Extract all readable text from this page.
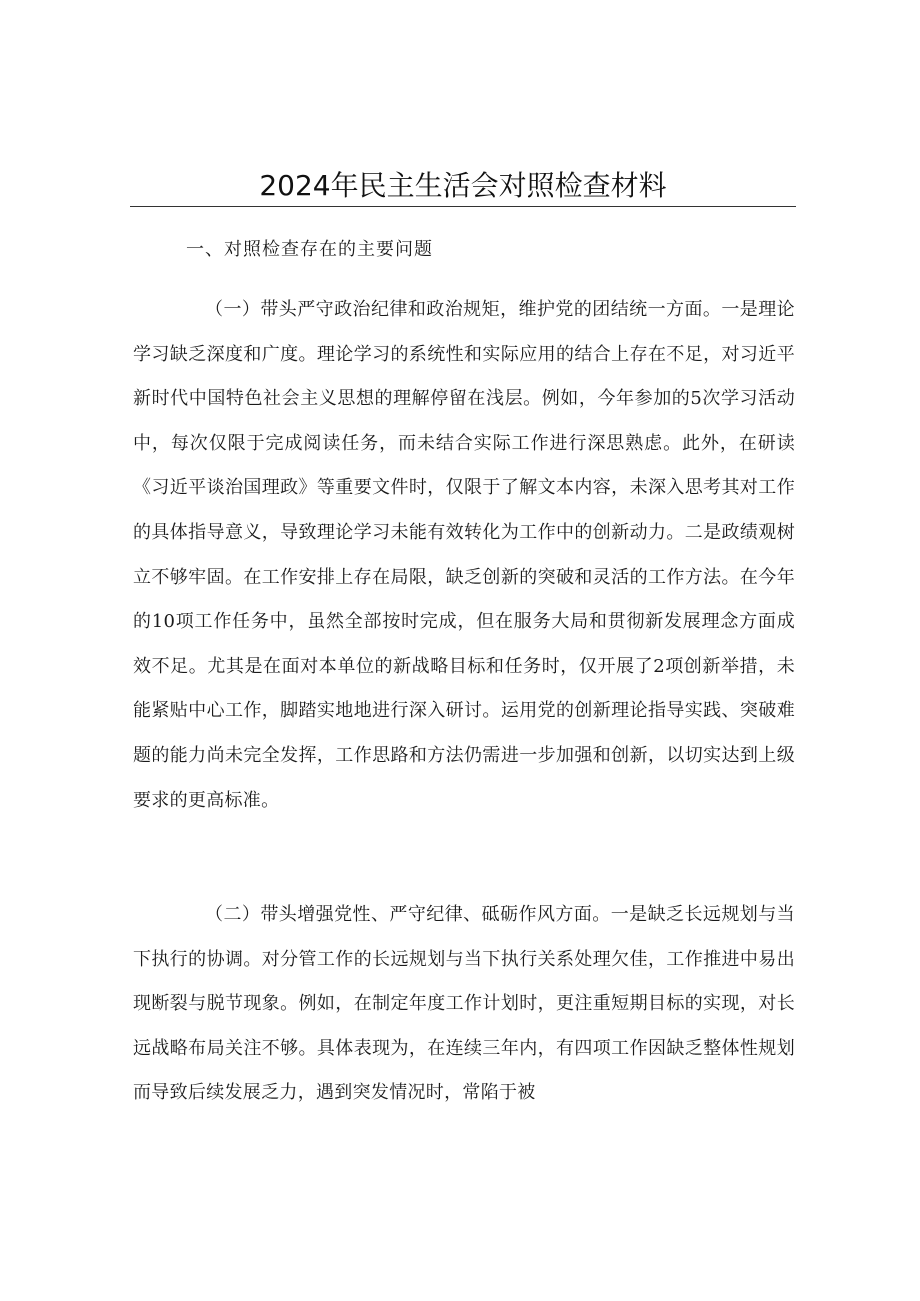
2024年民主生活会对照检查材料
一、对照检查存在的主要问题

（一）带头严守政治纪律和政治规矩，维护党的团结统一方面。一是理论学习缺乏深度和广度。理论学习的系统性和实际应用的结合上存在不足，对习近平新时代中国特色社会主义思想的理解停留在浅层。例如，今年参加的5次学习活动中，每次仅限于完成阅读任务，而未结合实际工作进行深思熟虑。此外，在研读《习近平谈治国理政》等重要文件时，仅限于了解文本内容，未深入思考其对工作的具体指导意义，导致理论学习未能有效转化为工作中的创新动力。二是政绩观树立不够牢固。在工作安排上存在局限，缺乏创新的突破和灵活的工作方法。在今年的10项工作任务中，虽然全部按时完成，但在服务大局和贯彻新发展理念方面成效不足。尤其是在面对本单位的新战略目标和任务时，仅开展了2项创新举措，未能紧贴中心工作，脚踏实地地进行深入研讨。运用党的创新理论指导实践、突破难题的能力尚未完全发挥，工作思路和方法仍需进一步加强和创新，以切实达到上级要求的更高标准。

（二）带头增强党性、严守纪律、砥砺作风方面。一是缺乏长远规划与当下执行的协调。对分管工作的长远规划与当下执行关系处理欠佳，工作推进中易出现断裂与脱节现象。例如，在制定年度工作计划时，更注重短期目标的实现，对长远战略布局关注不够。具体表现为，在连续三年内，有四项工作因缺乏整体性规划而导致后续发展乏力，遇到突发情况时，常陷于被
